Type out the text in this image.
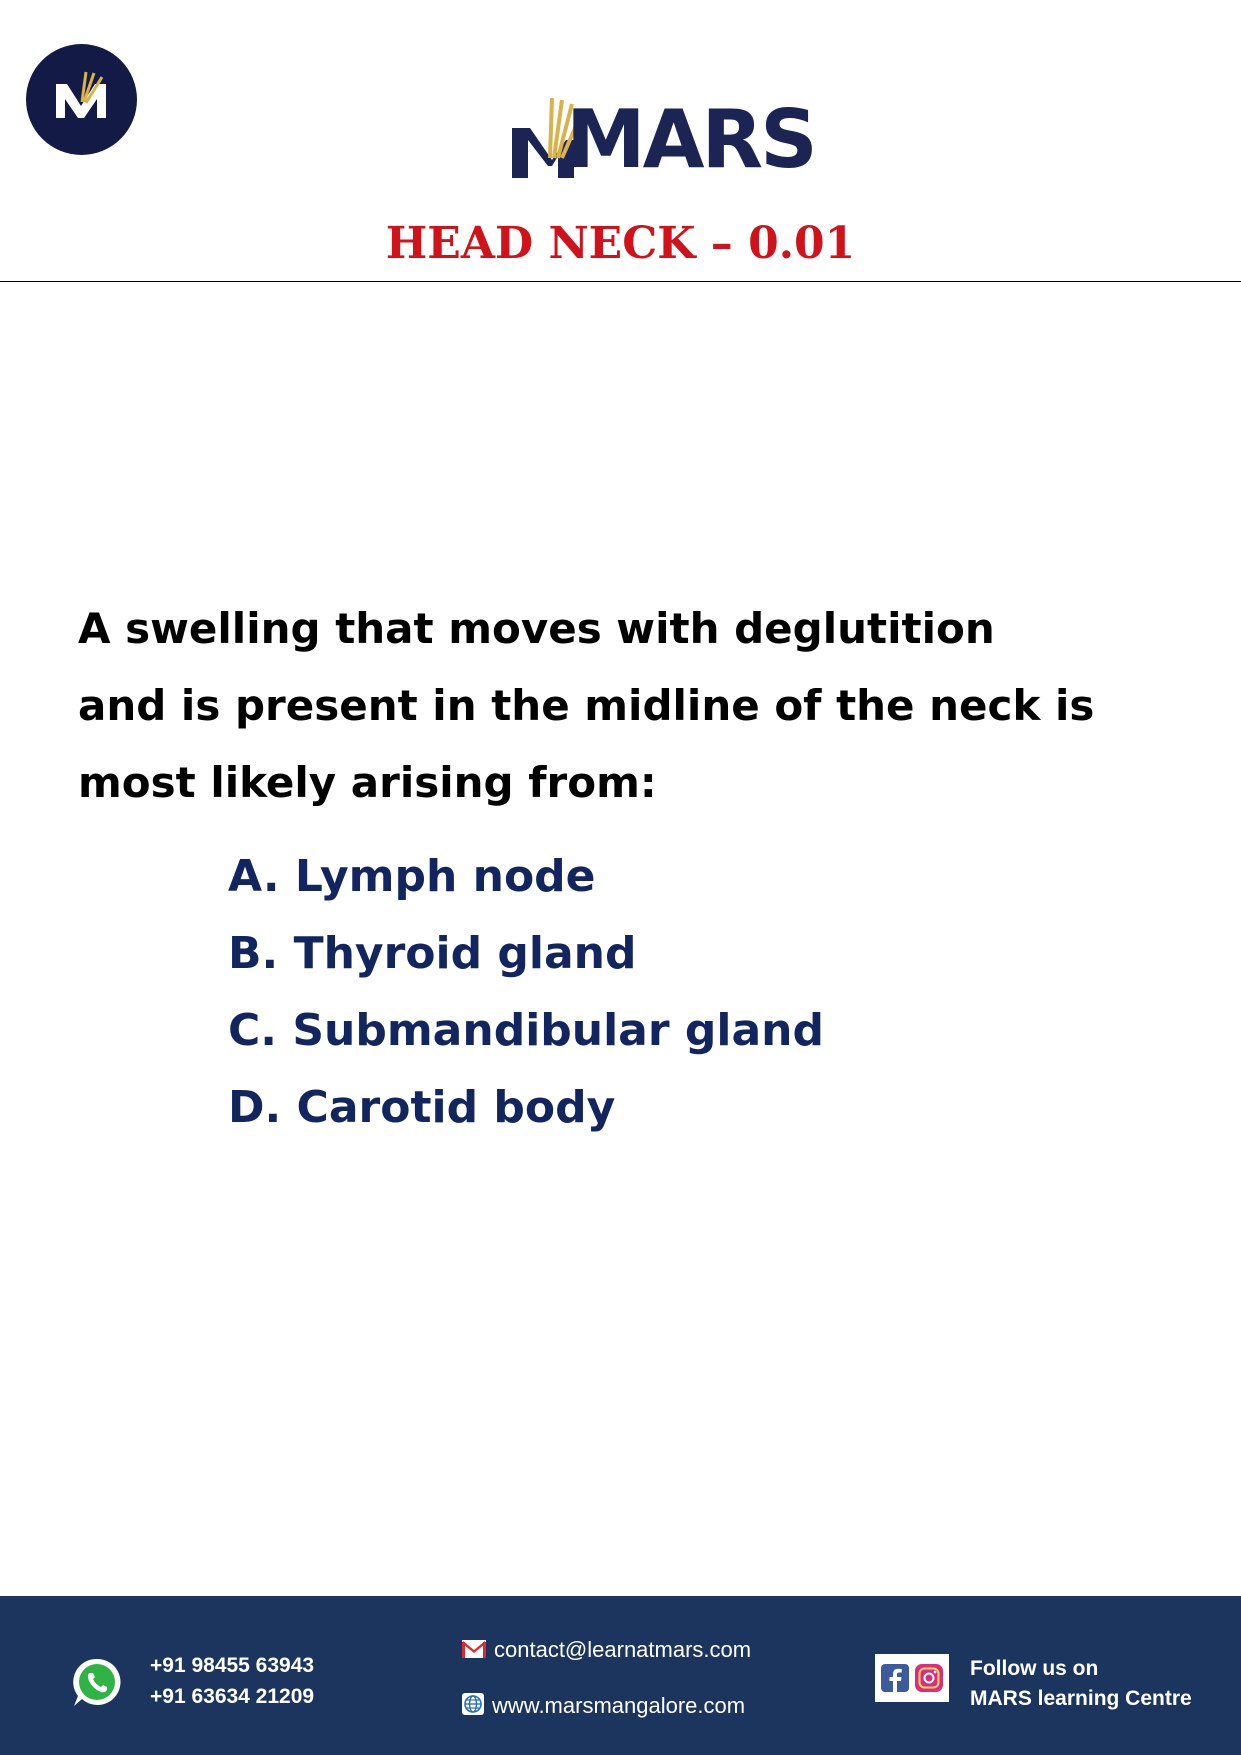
MARS
HEAD NECK – 0.01

A swelling that moves with deglutition
and is present in the midline of the neck is
most likely arising from:

A. Lymph node
B. Thyroid gland
C. Submandibular gland
D. Carotid body
+91 98455 63943
+91 63634 21209
contact@learnatmars.com
www.marsmangalore.com
Follow us on
MARS learning Centre
